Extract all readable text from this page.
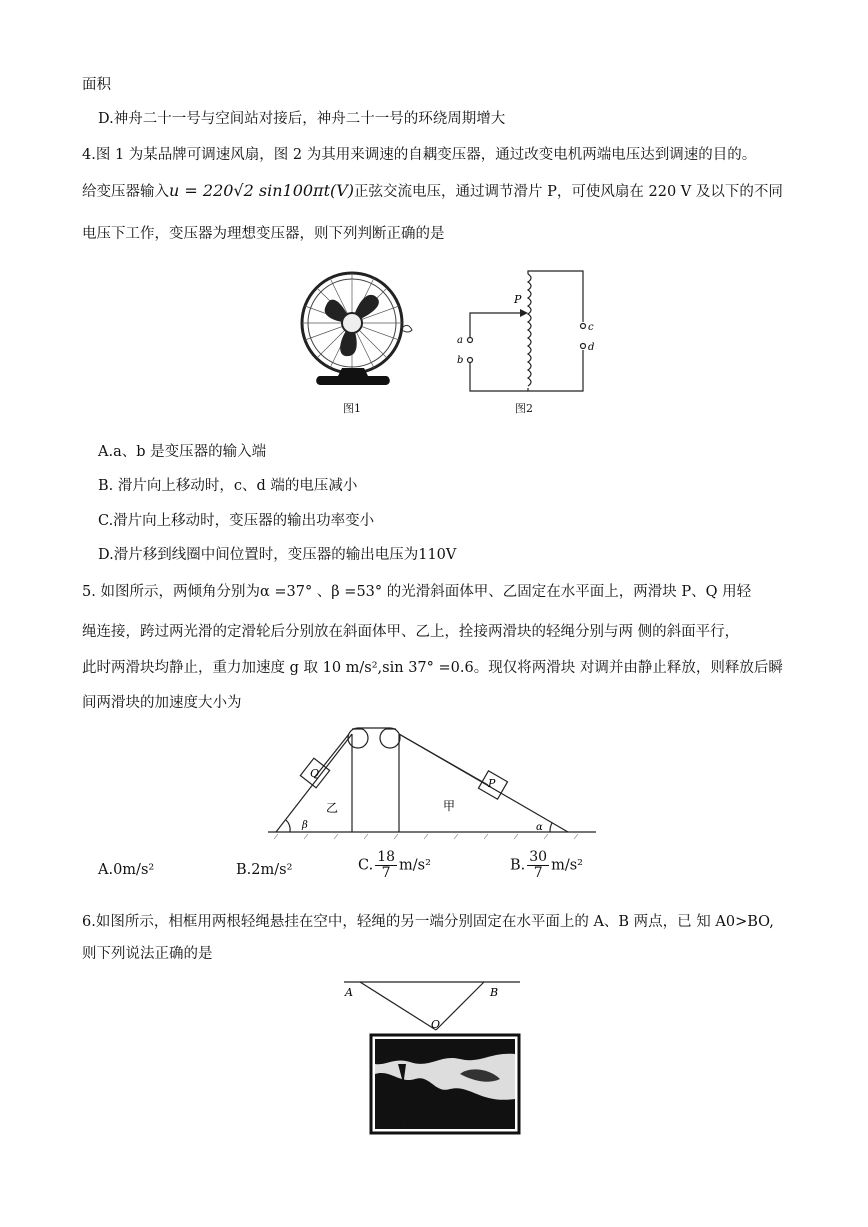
面积
D.神舟二十一号与空间站对接后，神舟二十一号的环绕周期增大
4.图 1 为某品牌可调速风扇，图 2 为其用来调速的自耦变压器，通过改变电机两端电压达到调速的目的。
给变压器输入u = 220√2 sin100πt(V)正弦交流电压，通过调节滑片 P，可使风扇在 220 V 及以下的不同
电压下工作，变压器为理想变压器，则下列判断正确的是
图1
P
a
b
c
d
图2
A.a、b 是变压器的输入端
B. 滑片向上移动时，c、d 端的电压减小
C.滑片向上移动时，变压器的输出功率变小
D.滑片移到线圈中间位置时，变压器的输出电压为110V
5. 如图所示，两倾角分别为α =37° 、β =53° 的光滑斜面体甲、乙固定在水平面上，两滑块 P、Q 用轻
绳连接，跨过两光滑的定滑轮后分别放在斜面体甲、乙上，拴接两滑块的轻绳分别与两 侧的斜面平行，
此时两滑块均静止，重力加速度 g 取 10 m/s²,sin 37° =0.6。现仅将两滑块 对调并由静止释放，则释放后瞬
间两滑块的加速度大小为
Q
P
乙	甲
β	α
A.0m/s²	B.2m/s²	C. $\frac{18}{7} m/s^2$	B. $\frac{30}{7} m/s^2$
6.如图所示，相框用两根轻绳悬挂在空中，轻绳的另一端分别固定在水平面上的 A、B 两点，已 知 A0>BO,
则下列说法正确的是
A	B
O
